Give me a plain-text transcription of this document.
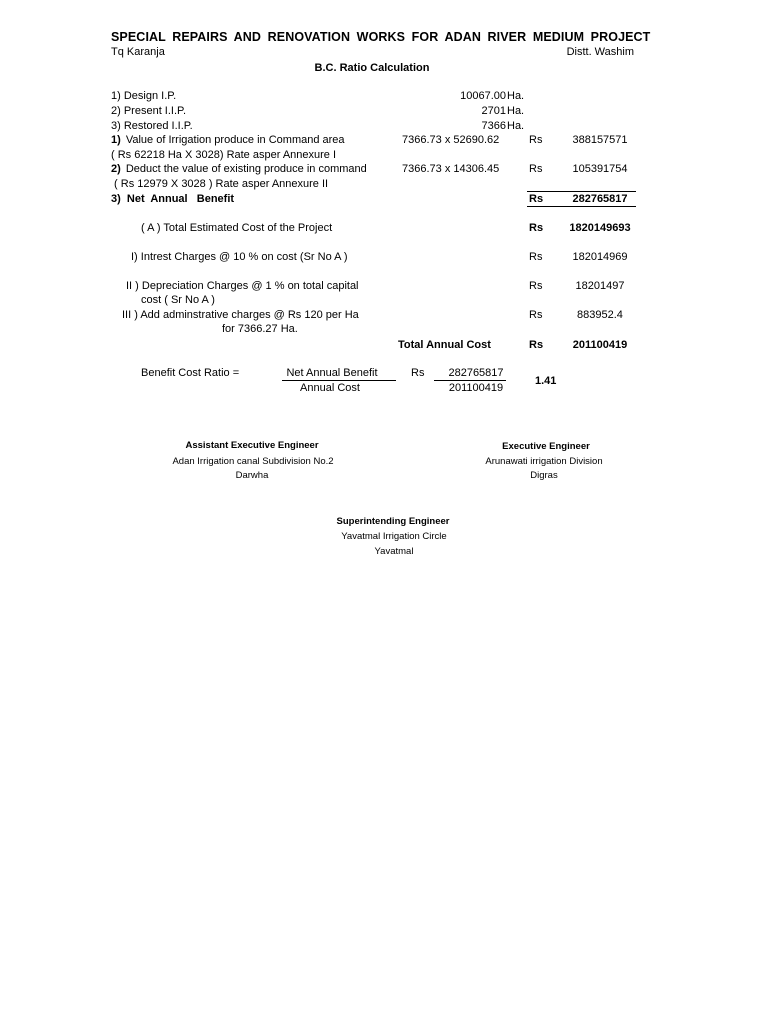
SPECIAL REPAIRS AND RENOVATION WORKS FOR ADAN RIVER MEDIUM PROJECT
Tq Karanja	Distt. Washim
B.C. Ratio Calculation
1) Design I.P.	10067.00 Ha.
2) Present I.I.P.	2701 Ha.
3) Restored I.I.P.	7366 Ha.
1) Value of Irrigation produce in Command area
( Rs 62218 Ha X 3028) Rate asper Annexure I
7366.73 x 52690.62	Rs	388157571
2) Deduct the value of existing produce in command
( Rs 12979 X 3028 ) Rate asper Annexure II
7366.73 x 14306.45	Rs	105391754
3)  Net  Annual   Benefit	Rs	282765817
( A ) Total Estimated Cost of the Project	Rs	1820149693
I) Intrest Charges @ 10 % on cost (Sr No A )	Rs	182014969
II ) Depreciation Charges @ 1 % on total capital
cost ( Sr No A )
Rs	18201497
III ) Add adminstrative charges @ Rs 120 per Ha
for 7366.27 Ha.
Rs	883952.4
Total Annual Cost	Rs	201100419
Benefit Cost Ratio =	Net Annual Benefit
Annual Cost
Rs	282765817
201100419
1.41
Assistant Executive Engineer
Adan Irrigation canal Subdivision No.2
Darwha
Executive Engineer
Arunawati irrigation Division
Digras
Superintending Engineer
Yavatmal Irrigation Circle
Yavatmal
